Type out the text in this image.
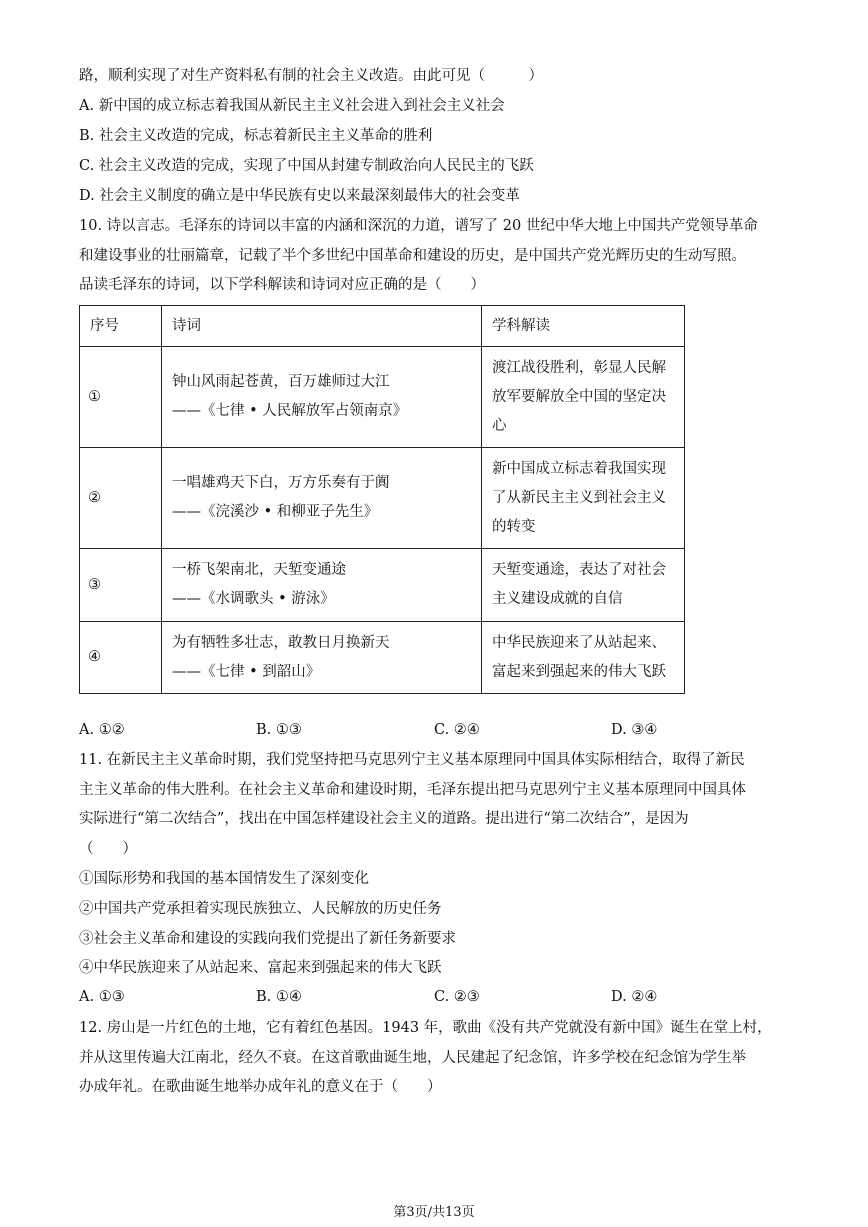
路，顺利实现了对生产资料私有制的社会主义改造。由此可见（　　　）
A. 新中国的成立标志着我国从新民主主义社会进入到社会主义社会
B. 社会主义改造的完成，标志着新民主主义革命的胜利
C. 社会主义改造的完成，实现了中国从封建专制政治向人民民主的飞跃
D. 社会主义制度的确立是中华民族有史以来最深刻最伟大的社会变革
10. 诗以言志。毛泽东的诗词以丰富的内涵和深沉的力道，谱写了 20 世纪中华大地上中国共产党领导革命
和建设事业的壮丽篇章，记载了半个多世纪中国革命和建设的历史，是中国共产党光辉历史的生动写照。
品读毛泽东的诗词，以下学科解读和诗词对应正确的是（　　）
序号	诗词	学科解读
①	钟山风雨起苍黄，百万雄师过大江
——《七律 • 人民解放军占领南京》	渡江战役胜利，彰显人民解
放军要解放全中国的坚定决
心

②	一唱雄鸡天下白，万方乐奏有于阗
——《浣溪沙 • 和柳亚子先生》	新中国成立标志着我国实现
了从新民主主义到社会主义
的转变

③	一桥飞架南北，天堑变通途
——《水调歌头 • 游泳》	天堑变通途，表达了对社会
主义建设成就的自信

④	为有牺牲多壮志，敢教日月换新天
——《七律 • 到韶山》	中华民族迎来了从站起来、
富起来到强起来的伟大飞跃
A. ①②	B. ①③	C. ②④	D. ③④
11. 在新民主主义革命时期，我们党坚持把马克思列宁主义基本原理同中国具体实际相结合，取得了新民
主主义革命的伟大胜利。在社会主义革命和建设时期，毛泽东提出把马克思列宁主义基本原理同中国具体
实际进行“第二次结合”，找出在中国怎样建设社会主义的道路。提出进行“第二次结合”，是因为
（　　）
①国际形势和我国的基本国情发生了深刻变化
②中国共产党承担着实现民族独立、人民解放的历史任务
③社会主义革命和建设的实践向我们党提出了新任务新要求
④中华民族迎来了从站起来、富起来到强起来的伟大飞跃
A. ①③	B. ①④	C. ②③	D. ②④
12. 房山是一片红色的土地，它有着红色基因。1943 年，歌曲《没有共产党就没有新中国》诞生在堂上村，
并从这里传遍大江南北，经久不衰。在这首歌曲诞生地，人民建起了纪念馆，许多学校在纪念馆为学生举
办成年礼。在歌曲诞生地举办成年礼的意义在于（　　）
第3页/共13页
